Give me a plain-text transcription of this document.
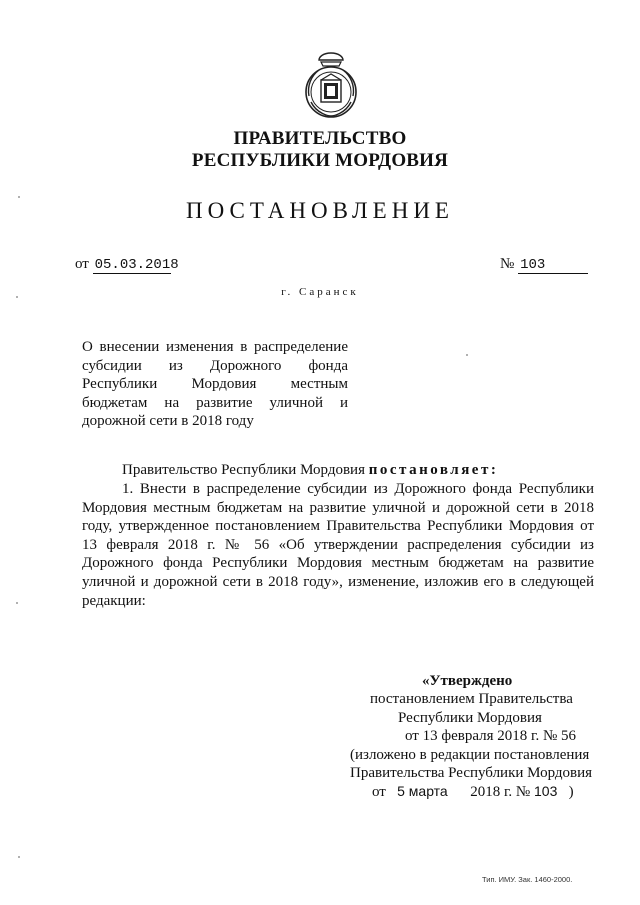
ПРАВИТЕЛЬСТВО
РЕСПУБЛИКИ МОРДОВИЯ
ПОСТАНОВЛЕНИЕ
от 05.03.2018	№ 103
г. Саранск
О внесении изменения в распределение
субсидии из Дорожного фонда
Республики Мордовия местным
бюджетам на развитие уличной и
дорожной сети в 2018 году
Правительство Республики Мордовия постановляет:
1. Внести в распределение субсидии из Дорожного фонда Республики
Мордовия местным бюджетам на развитие уличной и дорожной сети в 2018
году, утвержденное постановлением Правительства Республики Мордовия от
13 февраля 2018 г. № 56 «Об утверждении распределения субсидии из
Дорожного фонда Республики Мордовия местным бюджетам на развитие
уличной и дорожной сети в 2018 году», изменение, изложив его в следующей
редакции:
«Утверждено
постановлением Правительства
Республики Мордовия
от 13 февраля 2018 г. № 56
(изложено в редакции постановления
Правительства Республики Мордовия
от 5 марта 2018 г. № 103 )
Тип. ИМУ. Зак. 1460-2000.
